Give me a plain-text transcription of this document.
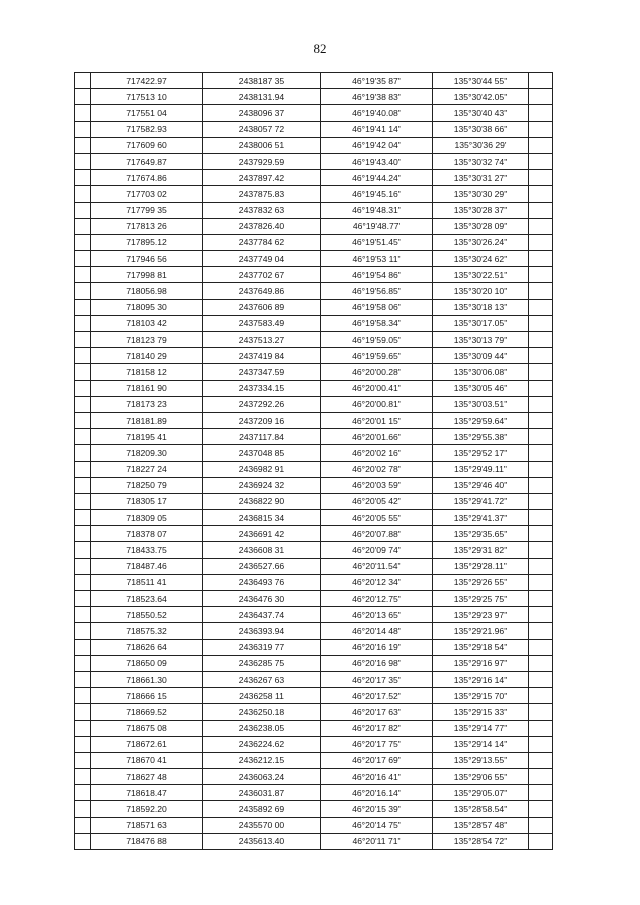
82
	717422.97	2438187 35	46°19'35 87"	135°30'44 55"	
	717513 10	2438131.94	46°19'38 83"	135°30'42.05"	
	717551 04	2438096 37	46°19'40.08"	135°30'40 43"	
	717582.93	2438057 72	46°19'41 14"	135°30'38 66"	
	717609 60	2438006 51	46°19'42 04"	135°30'36 29'	
	717649.87	2437929.59	46°19'43.40"	135°30'32 74"	
	717674.86	2437897.42	46°19'44.24"	135°30'31 27"	
	717703 02	2437875.83	46°19'45.16"	135°30'30 29"	
	717799 35	2437832 63	46°19'48.31"	135°30'28 37"	
	717813 26	2437826.40	46°19'48.77'	135°30'28 09"	
	717895.12	2437784 62	46°19'51.45"	135°30'26.24"	
	717946 56	2437749 04	46°19'53 11"	135°30'24 62"	
	717998 81	2437702 67	46°19'54 86"	135°30'22.51"	
	718056.98	2437649.86	46°19'56.85"	135°30'20 10"	
	718095 30	2437606 89	46°19'58 06"	135°30'18 13"	
	718103 42	2437583.49	46°19'58.34"	135°30'17.05"	
	718123 79	2437513.27	46°19'59.05"	135°30'13 79"	
	718140 29	2437419 84	46°19'59.65"	135°30'09 44"	
	718158 12	2437347.59	46°20'00.28"	135°30'06.08"	
	718161 90	2437334.15	46°20'00.41"	135°30'05 46"	
	718173 23	2437292.26	46°20'00.81"	135°30'03.51"	
	718181.89	2437209 16	46°20'01 15"	135°29'59.64"	
	718195 41	2437117.84	46°20'01.66"	135°29'55.38"	
	718209.30	2437048 85	46°20'02 16"	135°29'52 17"	
	718227 24	2436982 91	46°20'02 78"	135°29'49.11"	
	718250 79	2436924 32	46°20'03 59"	135°29'46 40"	
	718305 17	2436822 90	46°20'05 42"	135°29'41.72"	
	718309 05	2436815 34	46°20'05 55"	135°29'41.37"	
	718378 07	2436691 42	46°20'07.88"	135°29'35.65"	
	718433.75	2436608 31	46°20'09 74"	135°29'31 82"	
	718487.46	2436527.66	46°20'11.54"	135°29'28.11"	
	718511 41	2436493 76	46°20'12 34"	135°29'26 55"	
	718523.64	2436476 30	46°20'12.75"	135°29'25 75"	
	718550.52	2436437.74	46°20'13 65"	135°29'23 97"	
	718575.32	2436393.94	46°20'14 48"	135°29'21.96"	
	718626 64	2436319 77	46°20'16 19"	135°29'18 54"	
	718650 09	2436285 75	46°20'16 98"	135°29'16 97"	
	718661.30	2436267 63	46°20'17 35"	135°29'16 14"	
	718666 15	2436258 11	46°20'17.52"	135°29'15 70"	
	718669.52	2436250.18	46°20'17 63"	135°29'15 33"	
	718675 08	2436238.05	46°20'17 82"	135°29'14 77"	
	718672.61	2436224.62	46°20'17 75"	135°29'14 14"	
	718670 41	2436212.15	46°20'17 69"	135°29'13.55"	
	718627 48	2436063.24	46°20'16 41"	135°29'06 55"	
	718618.47	2436031.87	46°20'16.14"	135°29'05.07"	
	718592.20	2435892 69	46°20'15 39"	135°28'58.54"	
	718571 63	2435570 00	46°20'14 75"	135°28'57 48"	
	718476 88	2435613.40	46°20'11 71"	135°28'54 72"	
